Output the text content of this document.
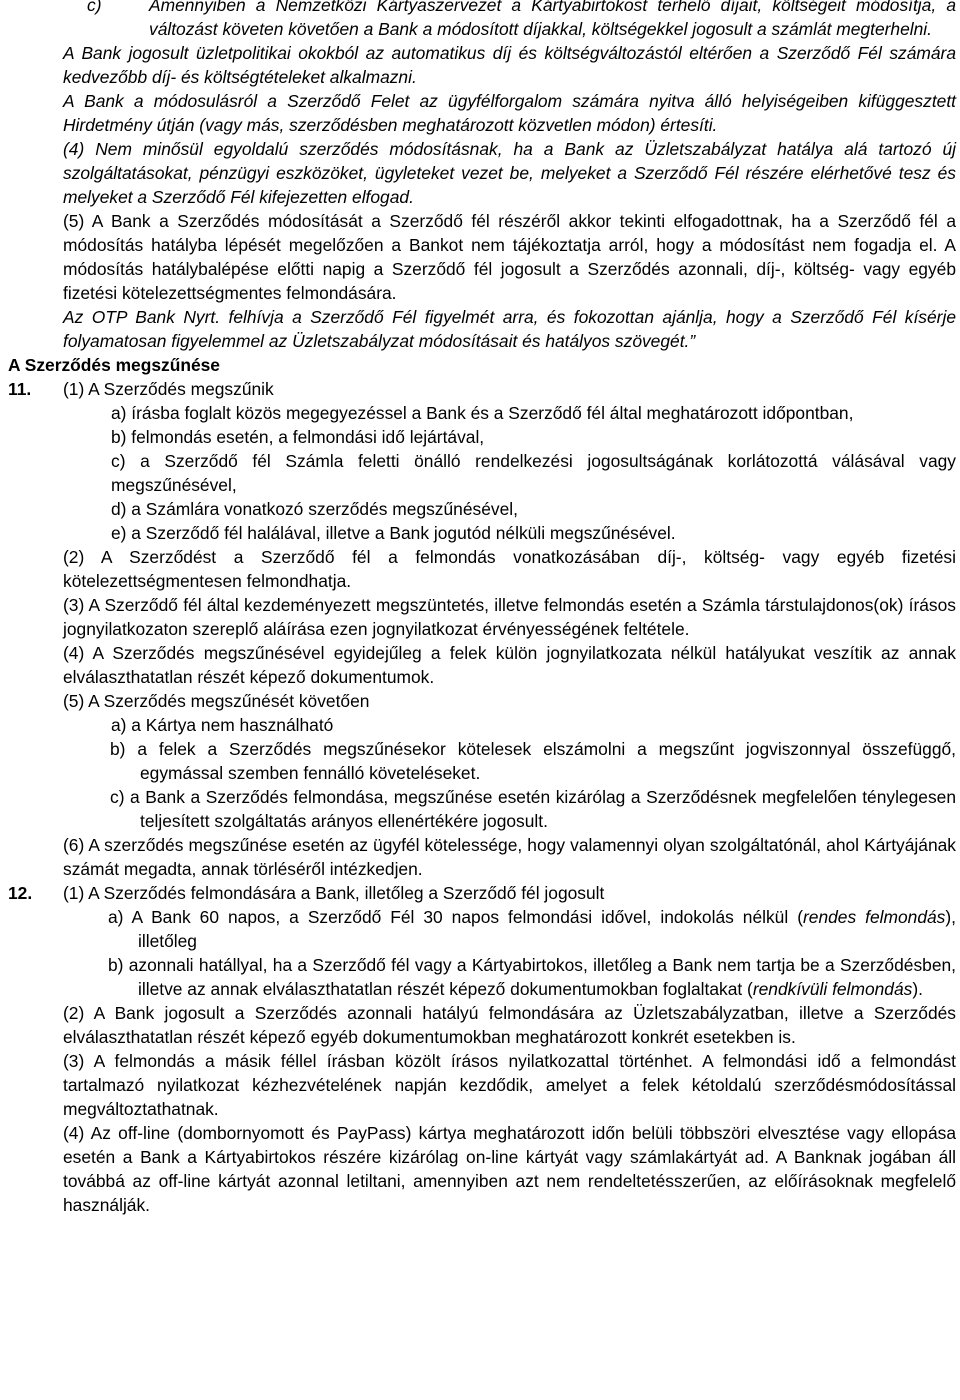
c)	Amennyiben a Nemzetközi Kártyaszervezet a Kártyabirtokost terhelő díjait, költségeit módosítja, a változást követen követően a Bank a módosított díjakkal, költségekkel jogosult a számlát megterhelni.

A Bank jogosult üzletpolitikai okokból az automatikus díj és költségváltozástól eltérően a Szerződő Fél számára kedvezőbb díj- és költségtételeket alkalmazni.

A Bank a módosulásról a Szerződő Felet az ügyfélforgalom számára nyitva álló helyiségeiben kifüggesztett Hirdetmény útján (vagy más, szerződésben meghatározott közvetlen módon) értesíti.

(4) Nem minősül egyoldalú szerződés módosításnak, ha a Bank az Üzletszabályzat hatálya alá tartozó új szolgáltatásokat, pénzügyi eszközöket, ügyleteket vezet be, melyeket a Szerződő Fél részére elérhetővé tesz és melyeket a Szerződő Fél kifejezetten elfogad.

(5) A Bank a Szerződés módosítását a Szerződő fél részéről akkor tekinti elfogadottnak, ha a Szerződő fél a módosítás hatályba lépését megelőzően a Bankot nem tájékoztatja arról, hogy a módosítást nem fogadja el. A módosítás hatálybalépése előtti napig a Szerződő fél jogosult a Szerződés azonnali, díj-, költség- vagy egyéb fizetési kötelezettségmentes felmondására.

Az OTP Bank Nyrt. felhívja a Szerződő Fél figyelmét arra, és fokozottan ajánlja, hogy a Szerződő Fél kísérje folyamatosan figyelemmel az Üzletszabályzat módosításait és hatályos szövegét.”

A Szerződés megszűnése

11. (1) A Szerződés megszűnik

a) írásba foglalt közös megegyezéssel a Bank és a Szerződő fél által meghatározott időpontban,

b) felmondás esetén, a felmondási idő lejártával,

c) a Szerződő fél Számla feletti önálló rendelkezési jogosultságának korlátozottá válásával vagy megszűnésével,

d) a Számlára vonatkozó szerződés megszűnésével,

e) a Szerződő fél halálával, illetve a Bank jogutód nélküli megszűnésével.

(2) A Szerződést a Szerződő fél a felmondás vonatkozásában díj-, költség- vagy egyéb fizetési kötelezettségmentesen felmondhatja.

(3) A Szerződő fél által kezdeményezett megszüntetés, illetve felmondás esetén a Számla társtulajdonos(ok) írásos jognyilatkozaton szereplő aláírása ezen jognyilatkozat érvényességének feltétele.

(4) A Szerződés megszűnésével egyidejűleg a felek külön jognyilatkozata nélkül hatályukat veszítik az annak elválaszthatatlan részét képező dokumentumok.

(5) A Szerződés megszűnését követően

a) a Kártya nem használható

b) a felek a Szerződés megszűnésekor kötelesek elszámolni a megszűnt jogviszonnyal összefüggő, egymással szemben fennálló követeléseket.

c) a Bank a Szerződés felmondása, megszűnése esetén kizárólag a Szerződésnek megfelelően ténylegesen teljesített szolgáltatás arányos ellenértékére jogosult.

(6) A szerződés megszűnése esetén az ügyfél kötelessége, hogy valamennyi olyan szolgáltatónál, ahol Kártyájának számát megadta, annak törléséről intézkedjen.

12. (1) A Szerződés felmondására a Bank, illetőleg a Szerződő fél jogosult

a) A Bank 60 napos, a Szerződő Fél 30 napos felmondási idővel, indokolás nélkül (rendes felmondás), illetőleg

b) azonnali hatállyal, ha a Szerződő fél vagy a Kártyabirtokos, illetőleg a Bank nem tartja be a Szerződésben, illetve az annak elválaszthatatlan részét képező dokumentumokban foglaltakat (rendkívüli felmondás).

(2) A Bank jogosult a Szerződés azonnali hatályú felmondására az Üzletszabályzatban, illetve a Szerződés elválaszthatatlan részét képező egyéb dokumentumokban meghatározott konkrét esetekben is.

(3) A felmondás a másik féllel írásban közölt írásos nyilatkozattal történhet. A felmondási idő a felmondást tartalmazó nyilatkozat kézhezvételének napján kezdődik, amelyet a felek kétoldalú szerződésmódosítással megváltoztathatnak.

(4) Az off-line (dombornyomott és PayPass) kártya meghatározott időn belüli többszöri elvesztése vagy ellopása esetén a Bank a Kártyabirtokos részére kizárólag on-line kártyát vagy számlakártyát ad. A Banknak jogában áll továbbá az off-line kártyát azonnal letiltani, amennyiben azt nem rendeltetésszerűen, az előírásoknak megfelelő használják.
